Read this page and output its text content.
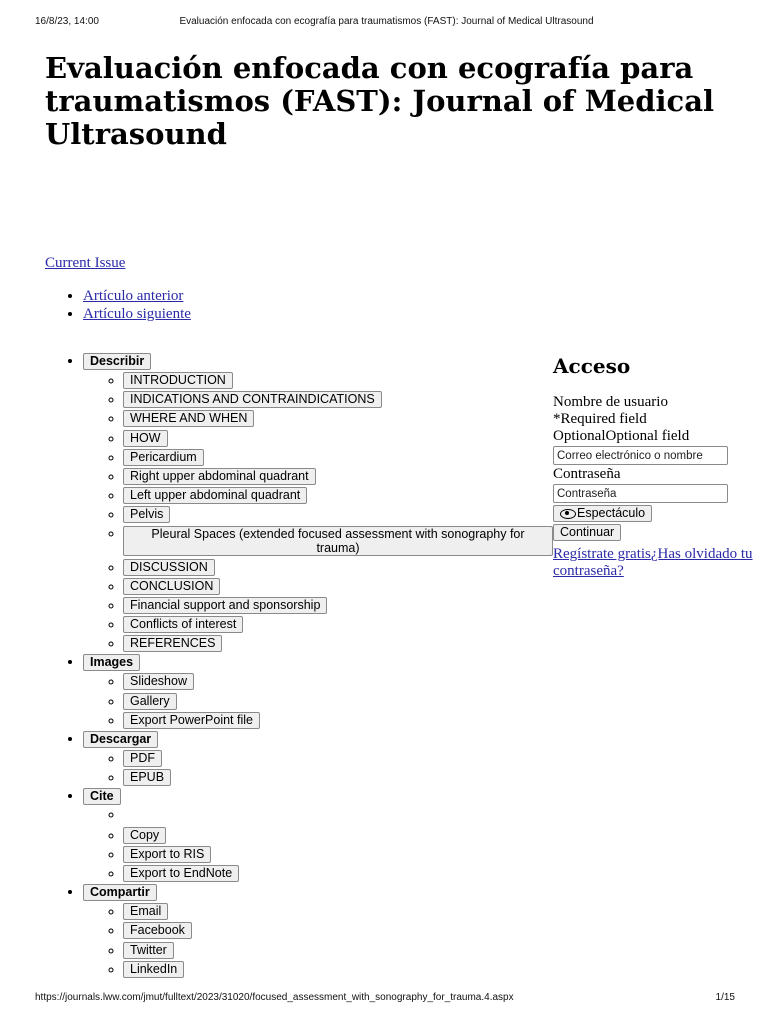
16/8/23, 14:00	Evaluación enfocada con ecografía para traumatismos (FAST): Journal of Medical Ultrasound
Evaluación enfocada con ecografía para traumatismos (FAST): Journal of Medical Ultrasound
Current Issue
• Artículo anterior
• Artículo siguiente
• Describir
◦ INTRODUCTION
◦ INDICATIONS AND CONTRAINDICATIONS
◦ WHERE AND WHEN
◦ HOW
◦ Pericardium
◦ Right upper abdominal quadrant
◦ Left upper abdominal quadrant
◦ Pelvis
◦ Pleural Spaces (extended focused assessment with sonography for trauma)
◦ DISCUSSION
◦ CONCLUSION
◦ Financial support and sponsorship
◦ Conflicts of interest
◦ REFERENCES
• Images
◦ Slideshow
◦ Gallery
◦ Export PowerPoint file
• Descargar
◦ PDF
◦ EPUB
• Cite
◦
◦ Copy
◦ Export to RIS
◦ Export to EndNote
• Compartir
◦ Email
◦ Facebook
◦ Twitter
◦ LinkedIn
Acceso
Nombre de usuario
*Required field
OptionalOptional field
Correo electrónico o nombre
Contraseña
Espectáculo
Continuar
Regístrate gratis¿Has olvidado tu contraseña?
https://journals.lww.com/jmut/fulltext/2023/31020/focused_assessment_with_sonography_for_trauma.4.aspx	1/15
